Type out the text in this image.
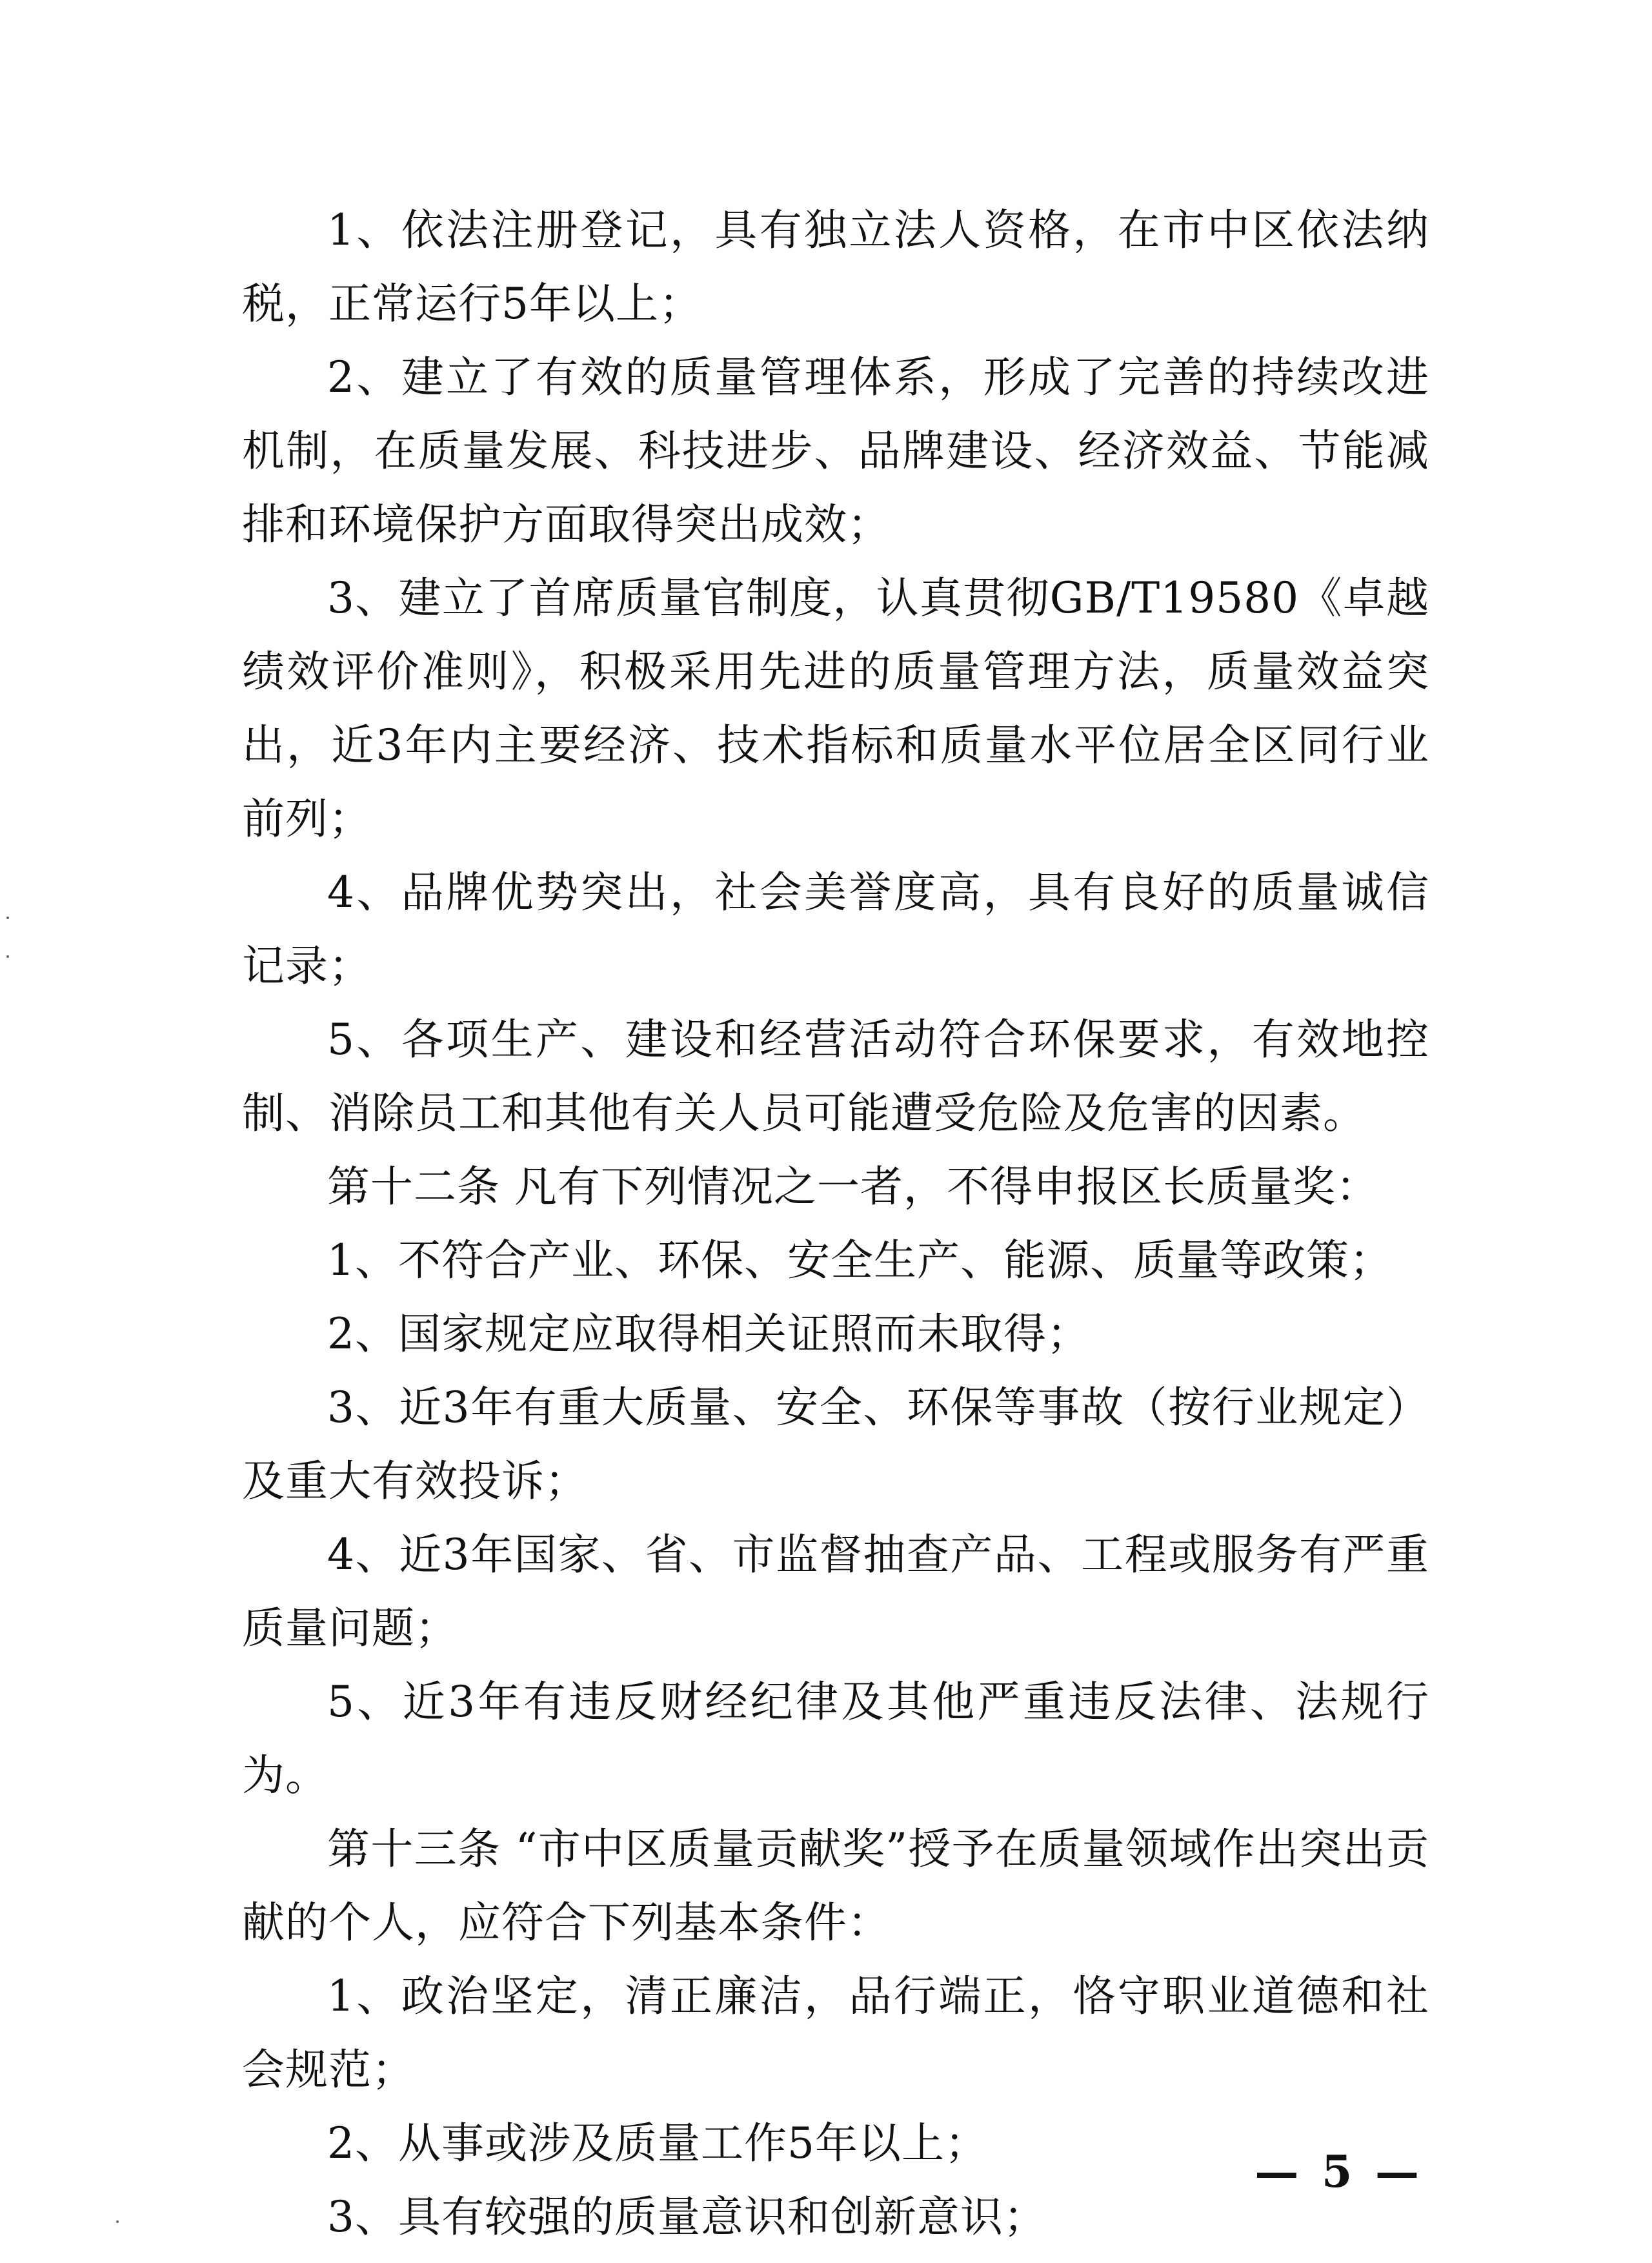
1、依法注册登记，具有独立法人资格，在市中区依法纳税，正常运行5年以上；

2、建立了有效的质量管理体系，形成了完善的持续改进机制，在质量发展、科技进步、品牌建设、经济效益、节能减排和环境保护方面取得突出成效；

3、建立了首席质量官制度，认真贯彻GB/T19580《卓越绩效评价准则》，积极采用先进的质量管理方法，质量效益突出，近3年内主要经济、技术指标和质量水平位居全区同行业前列；

4、品牌优势突出，社会美誉度高，具有良好的质量诚信记录；

5、各项生产、建设和经营活动符合环保要求，有效地控制、消除员工和其他有关人员可能遭受危险及危害的因素。

第十二条 凡有下列情况之一者，不得申报区长质量奖：

1、不符合产业、环保、安全生产、能源、质量等政策；

2、国家规定应取得相关证照而未取得；

3、近3年有重大质量、安全、环保等事故（按行业规定）及重大有效投诉；

4、近3年国家、省、市监督抽查产品、工程或服务有严重质量问题；

5、近3年有违反财经纪律及其他严重违反法律、法规行为。

第十三条 “市中区质量贡献奖”授予在质量领域作出突出贡献的个人，应符合下列基本条件：

1、政治坚定，清正廉洁，品行端正，恪守职业道德和社会规范；

2、从事或涉及质量工作5年以上；

3、具有较强的质量意识和创新意识；

— 5 —
